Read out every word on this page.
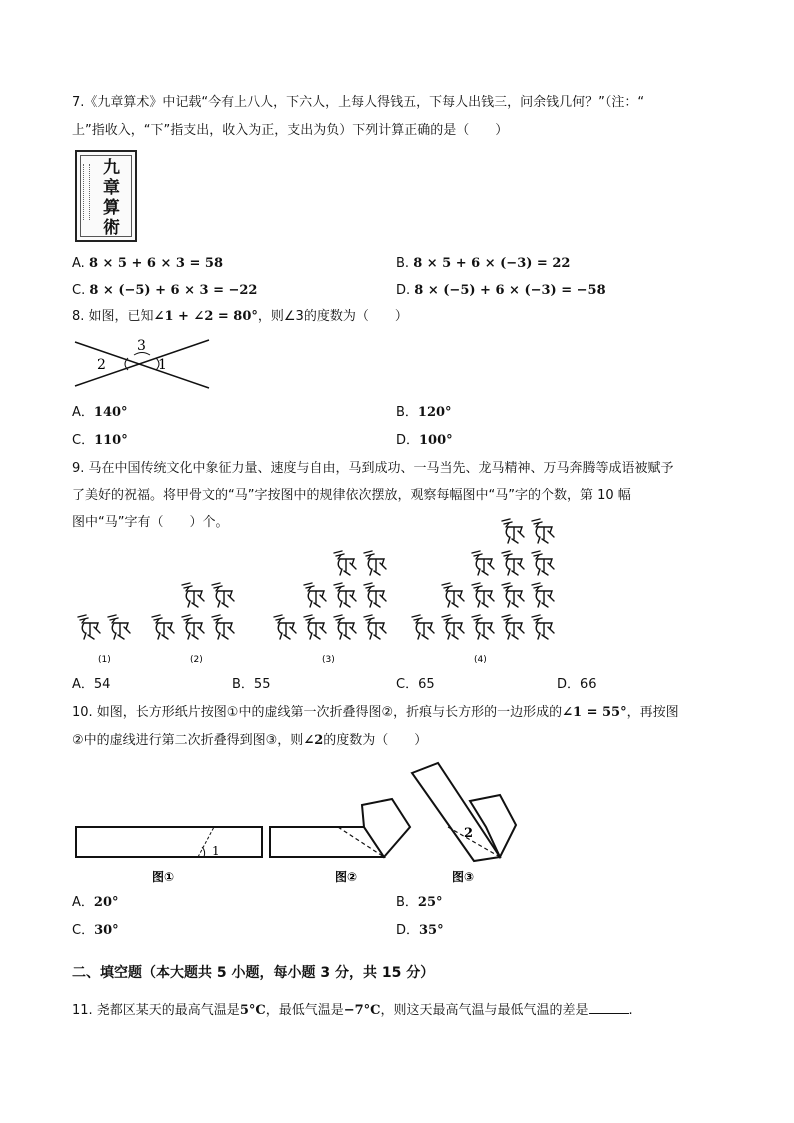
7.《九章算术》中记载“今有上八人，下六人，上每人得钱五，下每人出钱三，问余钱几何？”（注：“
上”指收入，“下”指支出，收入为正，支出为负）下列计算正确的是（　　）
九章算術
A. 8 × 5 + 6 × 3 = 58	B. 8 × 5 + 6 × (−3) = 22
C. 8 × (−5) + 6 × 3 = −22	D. 8 × (−5) + 6 × (−3) = −58
8. 如图，已知∠1 + ∠2 = 80°，则∠3的度数为（　　）
3
2	1
A．140°	B．120°
C．110°	D．100°
9. 马在中国传统文化中象征力量、速度与自由，马到成功、一马当先、龙马精神、万马奔腾等成语被赋予
了美好的祝福。将甲骨文的“马”字按图中的规律依次摆放，观察每幅图中“马”字的个数，第 10 幅
图中“马”字有（　　）个。
(1)	(2)	(3)	(4)
A．54	B．55	C．65	D．66
10. 如图，长方形纸片按图①中的虚线第一次折叠得图②，折痕与长方形的一边形成的∠1 = 55°，再按图
②中的虚线进行第二次折叠得到图③，则∠2的度数为（　　）
1
2
图①	图②	图③
A．20°	B．25°
C．30°	D．35°
二、填空题（本大题共 5 小题，每小题 3 分，共 15 分）
11. 尧都区某天的最高气温是5°C，最低气温是−7°C，则这天最高气温与最低气温的差是	.
